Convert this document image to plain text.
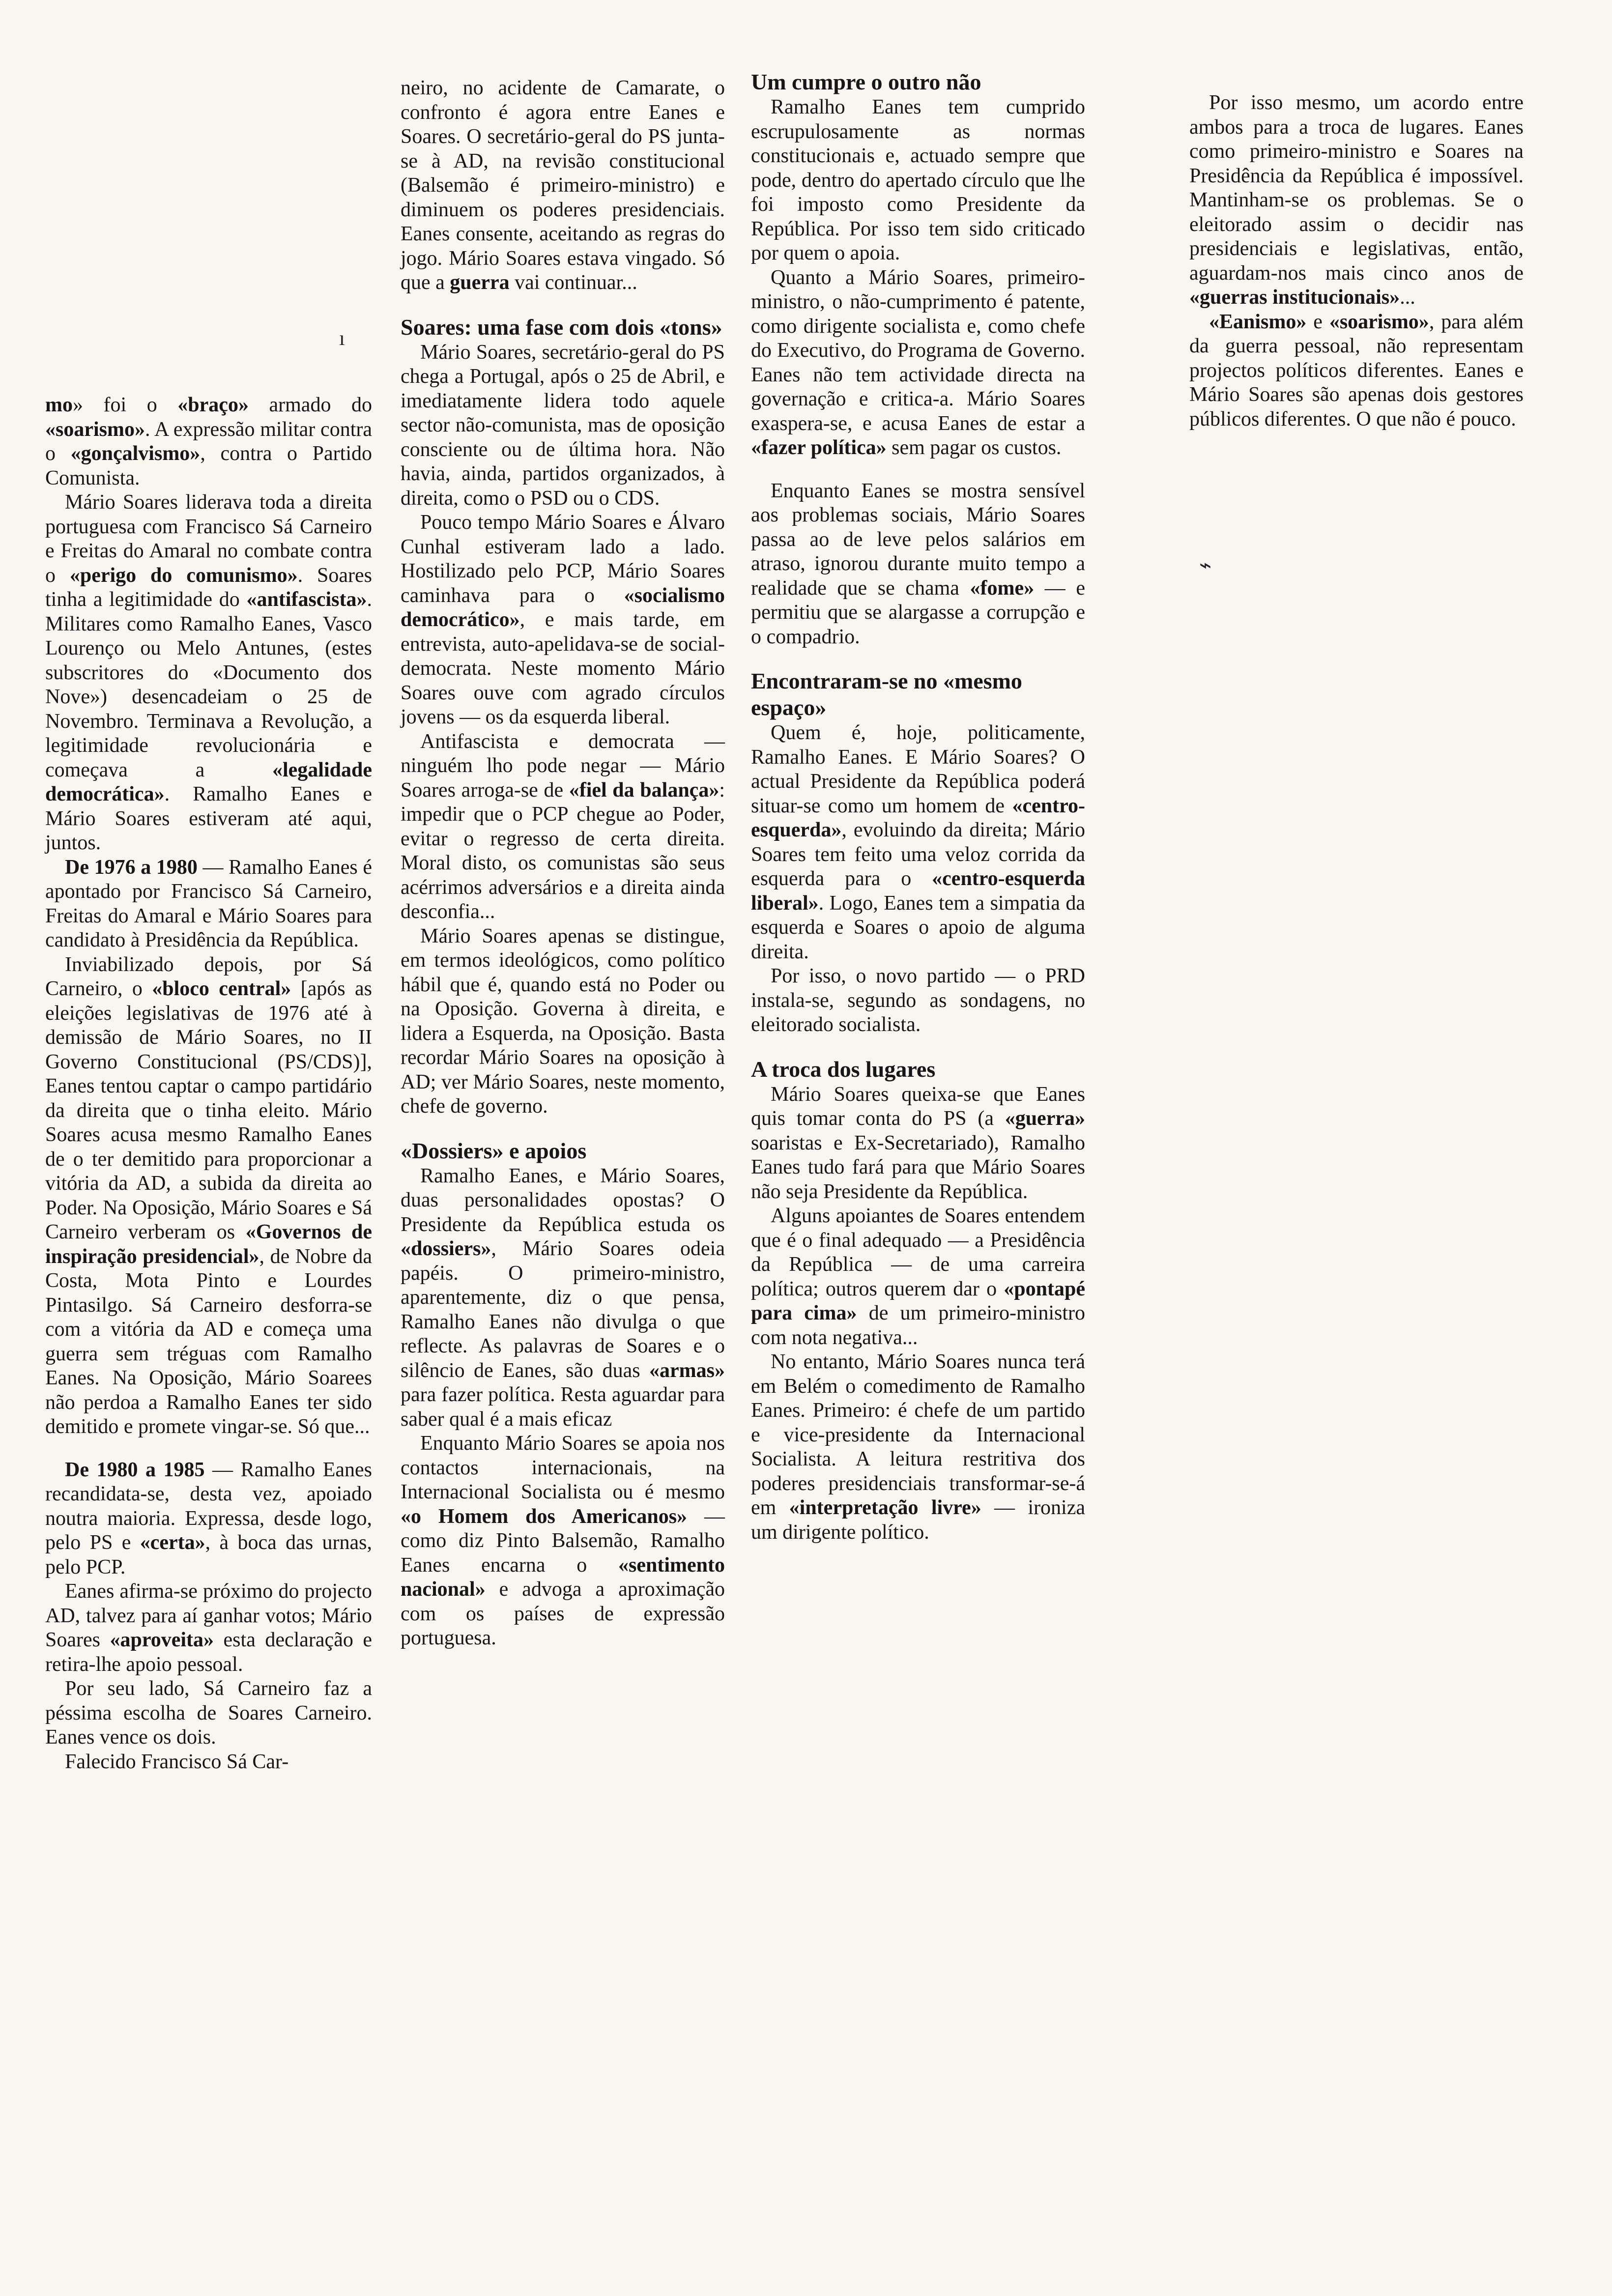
mo» foi o «braço» armado do «soarismo». A expressão militar contra o «gonçalvismo», contra o Partido Comunista.

Mário Soares liderava toda a direita portuguesa com Francisco Sá Carneiro e Freitas do Amaral no combate contra o «perigo do comunismo». Soares tinha a legitimidade do «antifascista». Militares como Ramalho Eanes, Vasco Lourenço ou Melo Antunes, (estes subscritores do «Documento dos Nove») desencadeiam o 25 de Novembro. Terminava a Revolução, a legitimidade revolucionária e começava a «legalidade democrática». Ramalho Eanes e Mário Soares estiveram até aqui, juntos.

De 1976 a 1980 — Ramalho Eanes é apontado por Francisco Sá Carneiro, Freitas do Amaral e Mário Soares para candidato à Presidência da República.

Inviabilizado depois, por Sá Carneiro, o «bloco central» [após as eleições legislativas de 1976 até à demissão de Mário Soares, no II Governo Constitucional (PS/CDS)], Eanes tentou captar o campo partidário da direita que o tinha eleito. Mário Soares acusa mesmo Ramalho Eanes de o ter demitido para proporcionar a vitória da AD, a subida da direita ao Poder. Na Oposição, Mário Soares e Sá Carneiro verberam os «Governos de inspiração presidencial», de Nobre da Costa, Mota Pinto e Lourdes Pintasilgo. Sá Carneiro desforra-se com a vitória da AD e começa uma guerra sem tréguas com Ramalho Eanes. Na Oposição, Mário Soarees não perdoa a Ramalho Eanes ter sido demitido e promete vingar-se. Só que...

De 1980 a 1985 — Ramalho Eanes recandidata-se, desta vez, apoiado noutra maioria. Expressa, desde logo, pelo PS e «certa», à boca das urnas, pelo PCP.

Eanes afirma-se próximo do projecto AD, talvez para aí ganhar votos; Mário Soares «aproveita» esta declaração e retira-lhe apoio pessoal.

Por seu lado, Sá Carneiro faz a péssima escolha de Soares Carneiro. Eanes vence os dois.

Falecido Francisco Sá Car-

neiro, no acidente de Camarate, o confronto é agora entre Eanes e Soares. O secretário-geral do PS junta-se à AD, na revisão constitucional (Balsemão é primeiro-ministro) e diminuem os poderes presidenciais. Eanes consente, aceitando as regras do jogo. Mário Soares estava vingado. Só que a guerra vai continuar...

Soares: uma fase com dois «tons»

Mário Soares, secretário-geral do PS chega a Portugal, após o 25 de Abril, e imediatamente lidera todo aquele sector não-comunista, mas de oposição consciente ou de última hora. Não havia, ainda, partidos organizados, à direita, como o PSD ou o CDS.

Pouco tempo Mário Soares e Álvaro Cunhal estiveram lado a lado. Hostilizado pelo PCP, Mário Soares caminhava para o «socialismo democrático», e mais tarde, em entrevista, auto-apelidava-se de social-democrata. Neste momento Mário Soares ouve com agrado círculos jovens — os da esquerda liberal.

Antifascista e democrata — ninguém lho pode negar — Mário Soares arroga-se de «fiel da balança»: impedir que o PCP chegue ao Poder, evitar o regresso de certa direita. Moral disto, os comunistas são seus acérrimos adversários e a direita ainda desconfia...

Mário Soares apenas se distingue, em termos ideológicos, como político hábil que é, quando está no Poder ou na Oposição. Governa à direita, e lidera a Esquerda, na Oposição. Basta recordar Mário Soares na oposição à AD; ver Mário Soares, neste momento, chefe de governo.

«Dossiers» e apoios

Ramalho Eanes, e Mário Soares, duas personalidades opostas? O Presidente da República estuda os «dossiers», Mário Soares odeia papéis. O primeiro-ministro, aparentemente, diz o que pensa, Ramalho Eanes não divulga o que reflecte. As palavras de Soares e o silêncio de Eanes, são duas «armas» para fazer política. Resta aguardar para saber qual é a mais eficaz

Enquanto Mário Soares se apoia nos contactos internacionais, na Internacional Socialista ou é mesmo «o Homem dos Americanos» — como diz Pinto Balsemão, Ramalho Eanes encarna o «sentimento nacional» e advoga a aproximação com os países de expressão portuguesa.

Um cumpre o outro não

Ramalho Eanes tem cumprido escrupulosamente as normas constitucionais e, actuado sempre que pode, dentro do apertado círculo que lhe foi imposto como Presidente da República. Por isso tem sido criticado por quem o apoia.

Quanto a Mário Soares, primeiro-ministro, o não-cumprimento é patente, como dirigente socialista e, como chefe do Executivo, do Programa de Governo. Eanes não tem actividade directa na governação e critica-a. Mário Soares exaspera-se, e acusa Eanes de estar a «fazer política» sem pagar os custos.

Enquanto Eanes se mostra sensível aos problemas sociais, Mário Soares passa ao de leve pelos salários em atraso, ignorou durante muito tempo a realidade que se chama «fome» — e permitiu que se alargasse a corrupção e o compadrio.

Encontraram-se no «mesmo espaço»

Quem é, hoje, politicamente, Ramalho Eanes. E Mário Soares? O actual Presidente da República poderá situar-se como um homem de «centro-esquerda», evoluindo da direita; Mário Soares tem feito uma veloz corrida da esquerda para o «centro-esquerda liberal». Logo, Eanes tem a simpatia da esquerda e Soares o apoio de alguma direita.

Por isso, o novo partido — o PRD instala-se, segundo as sondagens, no eleitorado socialista.

A troca dos lugares

Mário Soares queixa-se que Eanes quis tomar conta do PS (a «guerra» soaristas e Ex-Secretariado), Ramalho Eanes tudo fará para que Mário Soares não seja Presidente da República.

Alguns apoiantes de Soares entendem que é o final adequado — a Presidência da República — de uma carreira política; outros querem dar o «pontapé para cima» de um primeiro-ministro com nota negativa...

No entanto, Mário Soares nunca terá em Belém o comedimento de Ramalho Eanes. Primeiro: é chefe de um partido e vice-presidente da Internacional Socialista. A leitura restritiva dos poderes presidenciais transformar-se-á em «interpretação livre» — ironiza um dirigente político.

Por isso mesmo, um acordo entre ambos para a troca de lugares. Eanes como primeiro-ministro e Soares na Presidência da República é impossível. Mantinham-se os problemas. Se o eleitorado assim o decidir nas presidenciais e legislativas, então, aguardam-nos mais cinco anos de «guerras institucionais»...

«Eanismo» e «soarismo», para além da guerra pessoal, não representam projectos políticos diferentes. Eanes e Mário Soares são apenas dois gestores públicos diferentes. O que não é pouco.

⌁
ı
